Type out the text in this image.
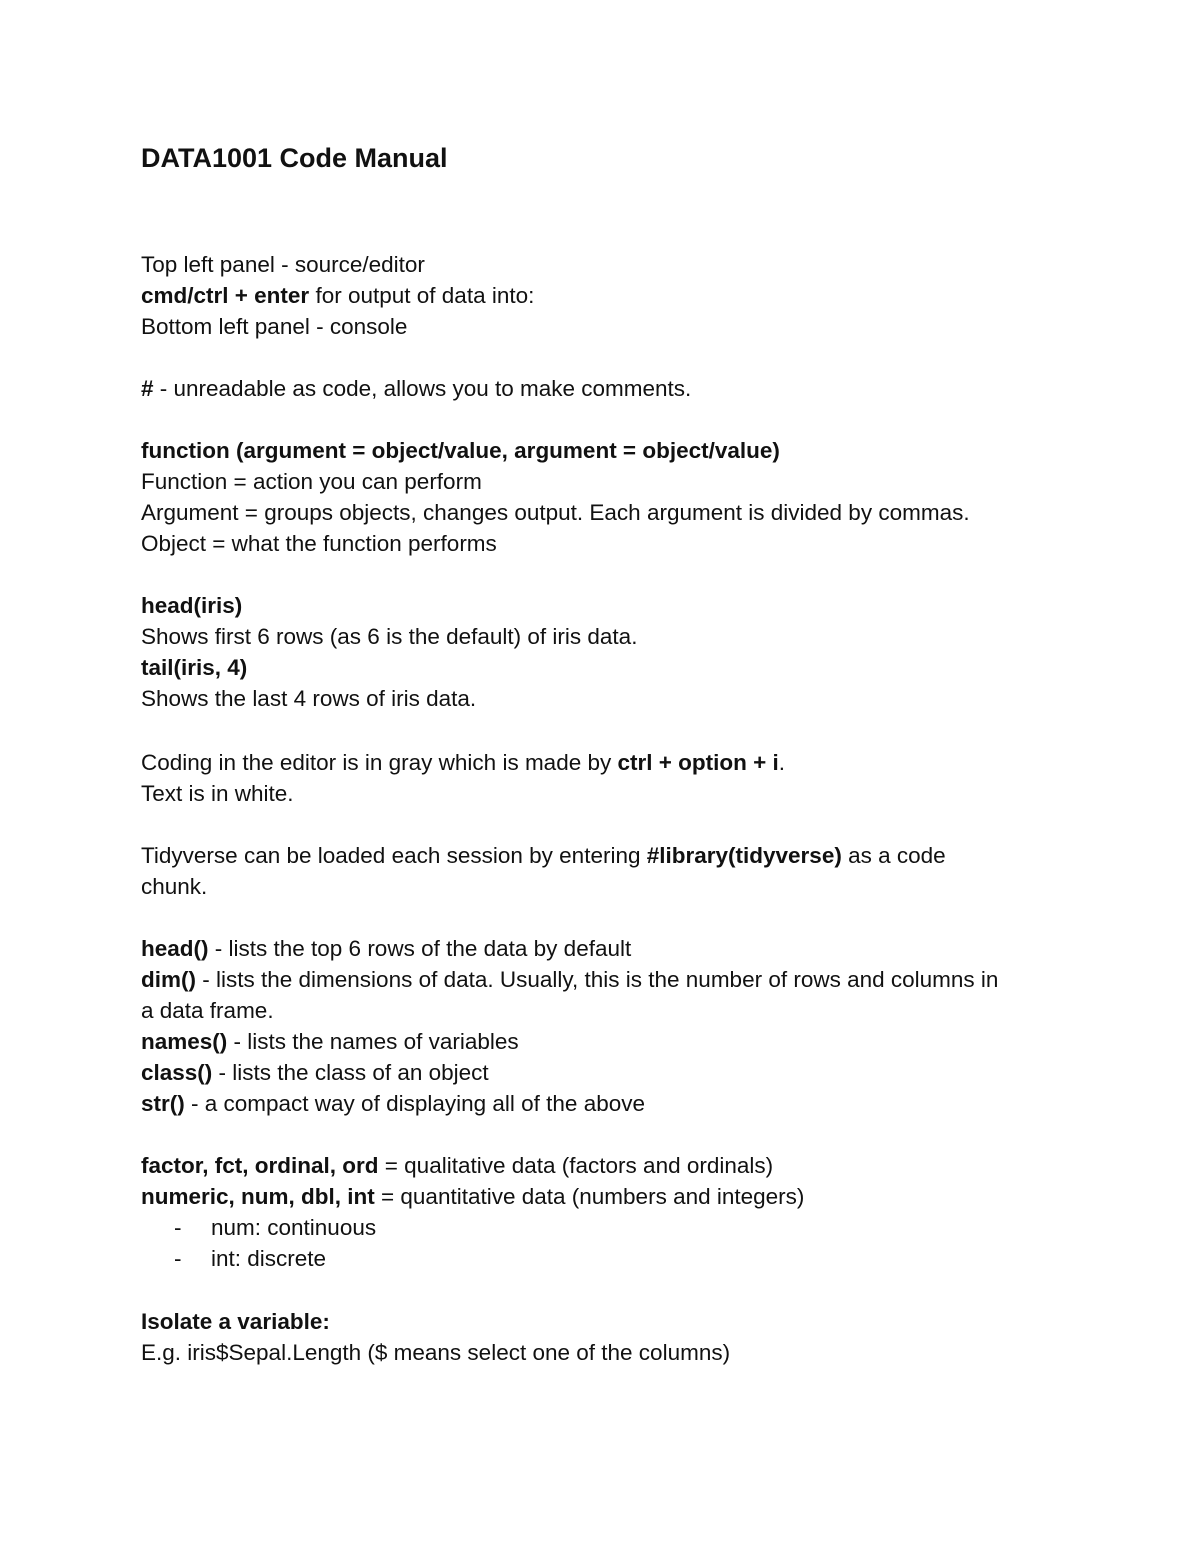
DATA1001 Code Manual
Top left panel - source/editor
cmd/ctrl + enter for output of data into:
Bottom left panel - console
# - unreadable as code, allows you to make comments.
function (argument = object/value, argument = object/value)
Function = action you can perform
Argument = groups objects, changes output. Each argument is divided by commas.
Object = what the function performs
head(iris)
Shows first 6 rows (as 6 is the default) of iris data.
tail(iris, 4)
Shows the last 4 rows of iris data.
Coding in the editor is in gray which is made by ctrl + option + i.
Text is in white.
Tidyverse can be loaded each session by entering #library(tidyverse) as a code
chunk.
head() - lists the top 6 rows of the data by default
dim() - lists the dimensions of data. Usually, this is the number of rows and columns in
a data frame.
names() - lists the names of variables
class() - lists the class of an object
str() - a compact way of displaying all of the above
factor, fct, ordinal, ord = qualitative data (factors and ordinals)
numeric, num, dbl, int = quantitative data (numbers and integers)
- num: continuous
- int: discrete
Isolate a variable:
E.g. iris$Sepal.Length ($ means select one of the columns)
